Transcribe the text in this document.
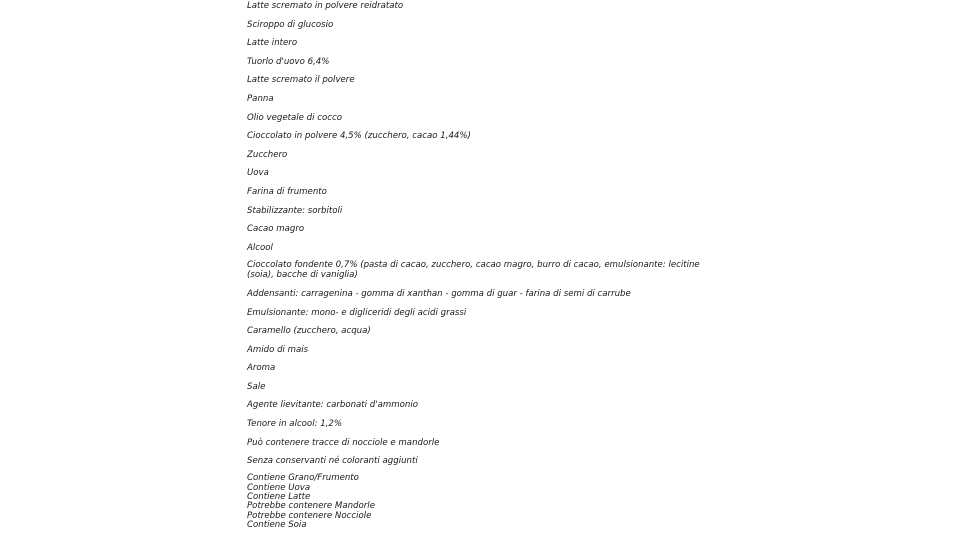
Latte scremato in polvere reidratato
Sciroppo di glucosio
Latte intero
Tuorlo d'uovo 6,4%
Latte scremato il polvere
Panna
Olio vegetale di cocco
Cioccolato in polvere 4,5% (zucchero, cacao 1,44%)
Zucchero
Uova
Farina di frumento
Stabilizzante: sorbitoli
Cacao magro
Alcool
Cioccolato fondente 0,7% (pasta di cacao, zucchero, cacao magro, burro di cacao, emulsionante: lecitine (soia), bacche di vaniglia)
Addensanti: carragenina - gomma di xanthan - gomma di guar - farina di semi di carrube
Emulsionante: mono- e digliceridi degli acidi grassi
Caramello (zucchero, acqua)
Amido di mais
Aroma
Sale
Agente lievitante: carbonati d'ammonio
Tenore in alcool: 1,2%
Può contenere tracce di nocciole e mandorle
Senza conservanti né coloranti aggiunti
Contiene Grano/Frumento
Contiene Uova
Contiene Latte
Potrebbe contenere Mandorle
Potrebbe contenere Nocciole
Contiene Soia
